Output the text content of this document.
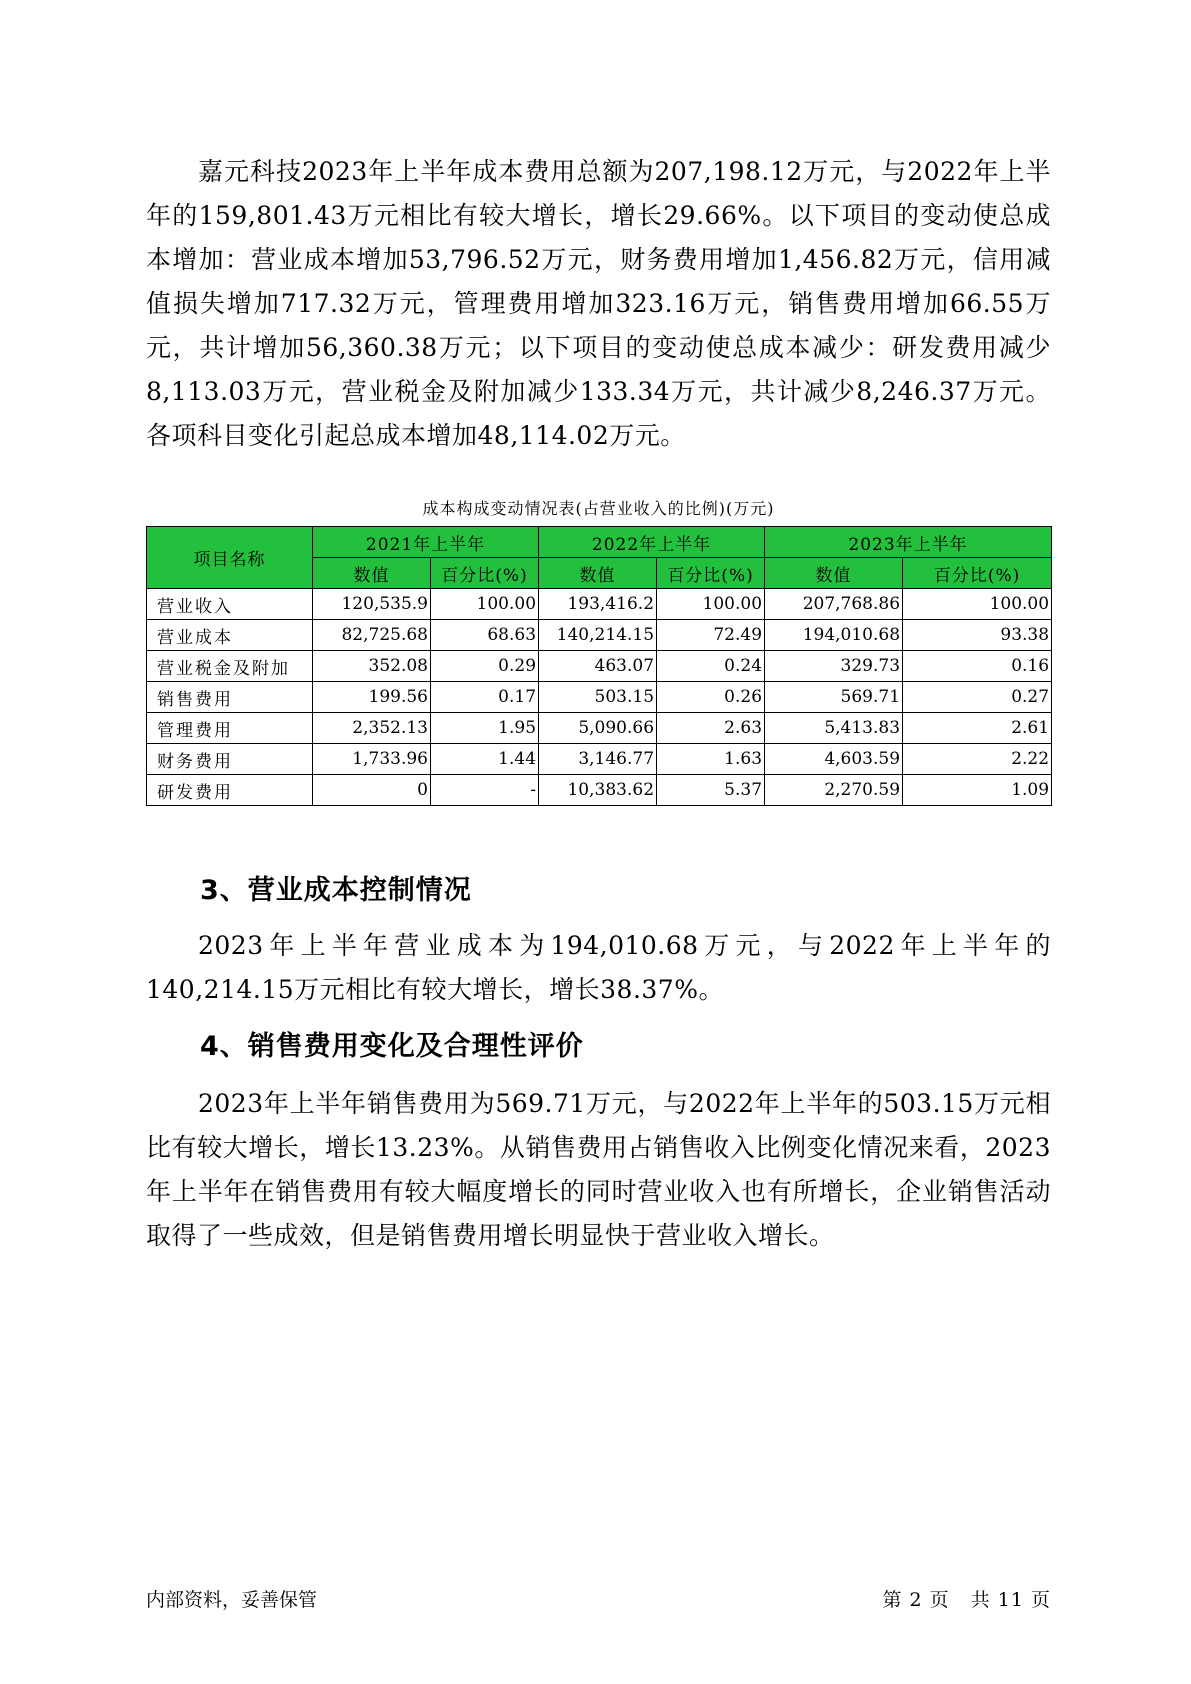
嘉元科技2023年上半年成本费用总额为207,198.12万元，与2022年上半年的159,801.43万元相比有较大增长，增长29.66%。以下项目的变动使总成本增加：营业成本增加53,796.52万元，财务费用增加1,456.82万元，信用减值损失增加717.32万元，管理费用增加323.16万元，销售费用增加66.55万元，共计增加56,360.38万元；以下项目的变动使总成本减少：研发费用减少8,113.03万元，营业税金及附加减少133.34万元，共计减少8,246.37万元。各项科目变化引起总成本增加48,114.02万元。

成本构成变动情况表(占营业收入的比例)(万元)
项目名称	2021年上半年		2022年上半年		2023年上半年	
	数值	百分比(%)	数值	百分比(%)	数值	百分比(%)
营业收入	120,535.9	100.00	193,416.2	100.00	207,768.86	100.00
营业成本	82,725.68	68.63	140,214.15	72.49	194,010.68	93.38
营业税金及附加	352.08	0.29	463.07	0.24	329.73	0.16
销售费用	199.56	0.17	503.15	0.26	569.71	0.27
管理费用	2,352.13	1.95	5,090.66	2.63	5,413.83	2.61
财务费用	1,733.96	1.44	3,146.77	1.63	4,603.59	2.22
研发费用	0	-	10,383.62	5.37	2,270.59	1.09
3、营业成本控制情况

2023年上半年营业成本为194,010.68万元，与2022年上半年的140,214.15万元相比有较大增长，增长38.37%。

4、销售费用变化及合理性评价

2023年上半年销售费用为569.71万元，与2022年上半年的503.15万元相比有较大增长，增长13.23%。从销售费用占销售收入比例变化情况来看，2023年上半年在销售费用有较大幅度增长的同时营业收入也有所增长，企业销售活动取得了一些成效，但是销售费用增长明显快于营业收入增长。

内部资料，妥善保管	第 2 页   共 11 页
